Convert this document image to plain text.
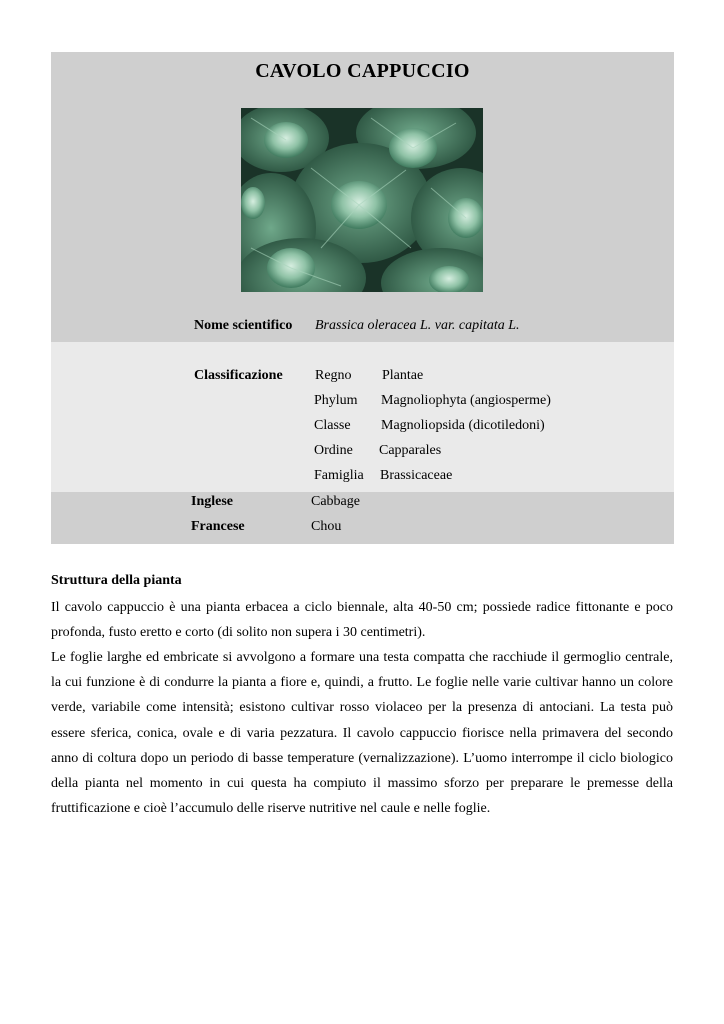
CAVOLO CAPPUCCIO
Nome scientifico Brassica oleracea L. var. capitata L.
Classificazione Regno Plantae
Phylum Magnoliophyta (angiosperme)
Classe Magnoliopsida (dicotiledoni)
Ordine Capparales
Famiglia Brassicaceae
Inglese	Cabbage
Francese	Chou
Struttura della pianta

Il cavolo cappuccio è una pianta erbacea a ciclo biennale, alta 40-50 cm; possiede radice fittonante e poco profonda, fusto eretto e corto (di solito non supera i 30 centimetri).

Le foglie larghe ed embricate si avvolgono a formare una testa compatta che racchiude il germoglio centrale, la cui funzione è di condurre la pianta a fiore e, quindi, a frutto. Le foglie nelle varie cultivar hanno un colore verde, variabile come intensità; esistono cultivar rosso violaceo per la presenza di antociani. La testa può essere sferica, conica, ovale e di varia pezzatura. Il cavolo cappuccio fiorisce nella primavera del secondo anno di coltura dopo un periodo di basse temperature (vernalizzazione). L’uomo interrompe il ciclo biologico della pianta nel momento in cui questa ha compiuto il massimo sforzo per preparare le premesse della fruttificazione e cioè l’accumulo delle riserve nutritive nel caule e nelle foglie.
